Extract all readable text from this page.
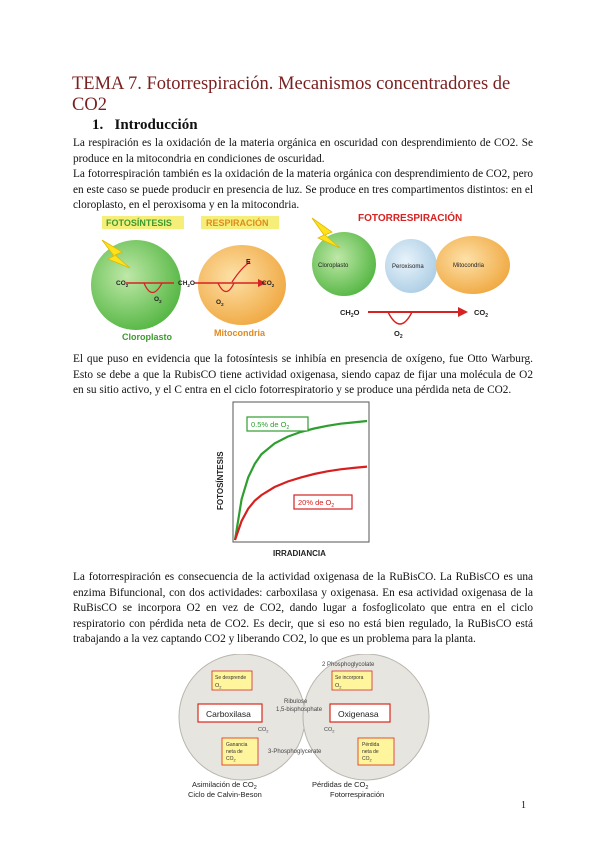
TEMA 7. Fotorrespiración. Mecanismos concentradores de CO2
1. Introducción

La respiración es la oxidación de la materia orgánica en oscuridad con desprendimiento de CO2. Se produce en la mitocondria en condiciones de oscuridad.

La fotorrespiración también es la oxidación de la materia orgánica con desprendimiento de CO2, pero en este caso se puede producir en presencia de luz. Se produce en tres compartimentos distintos: en el cloroplasto, en el peroxisoma y en la mitocondria.

FOTOSÍNTESIS	RESPIRACIÓN
$CO_2$
$O_2$
$CH_2O$
E
$CO_2$
$O_2$
Cloroplasto	Mitocondria
FOTORRESPIRACIÓN
Cloroplasto	Peroxisoma	Mitocondria
$CH_2O$	$CO_2$
$O_2$

El que puso en evidencia que la fotosíntesis se inhibía en presencia de oxígeno, fue Otto Warburg. Esto se debe a que la RubisCO tiene actividad oxigenasa, siendo capaz de fijar una molécula de O2 en su sitio activo, y el C entra en el ciclo fotorrespiratorio y se produce una pérdida neta de CO2.

0.5% de $O_2$
20% de $O_2$
FOTOSÍNTESIS
IRRADIANCIA

La fotorrespiración es consecuencia de la actividad oxigenasa de la RuBisCO. La RuBisCO es una enzima Bifuncional, con dos actividades: carboxilasa y oxigenasa. En esa actividad oxigenasa de la RuBisCO se incorpora O2 en vez de CO2, dando lugar a fosfoglicolato que entra en el ciclo respiratorio con pérdida neta de CO2. Es decir, que si eso no está bien regulado, la RuBisCO está trabajando a la vez captando CO2 y liberando CO2, lo que es un problema para la planta.

2 Phosphoglycolate
Se desprende
$O_2$
Se incorpora
$O_2$
Carboxilasa	Oxigenasa
Ribulose
1,5-bisphosphate
$CO_2$	$CO_2$
Ganancia
neta de
$CO_2$
3-Phosphoglycerate
Pérdida
neta de
$CO_2$
Asimilación de $CO_2$
Ciclo de Calvin-Beson
Pérdidas de $CO_2$
Fotorrespiración
1
